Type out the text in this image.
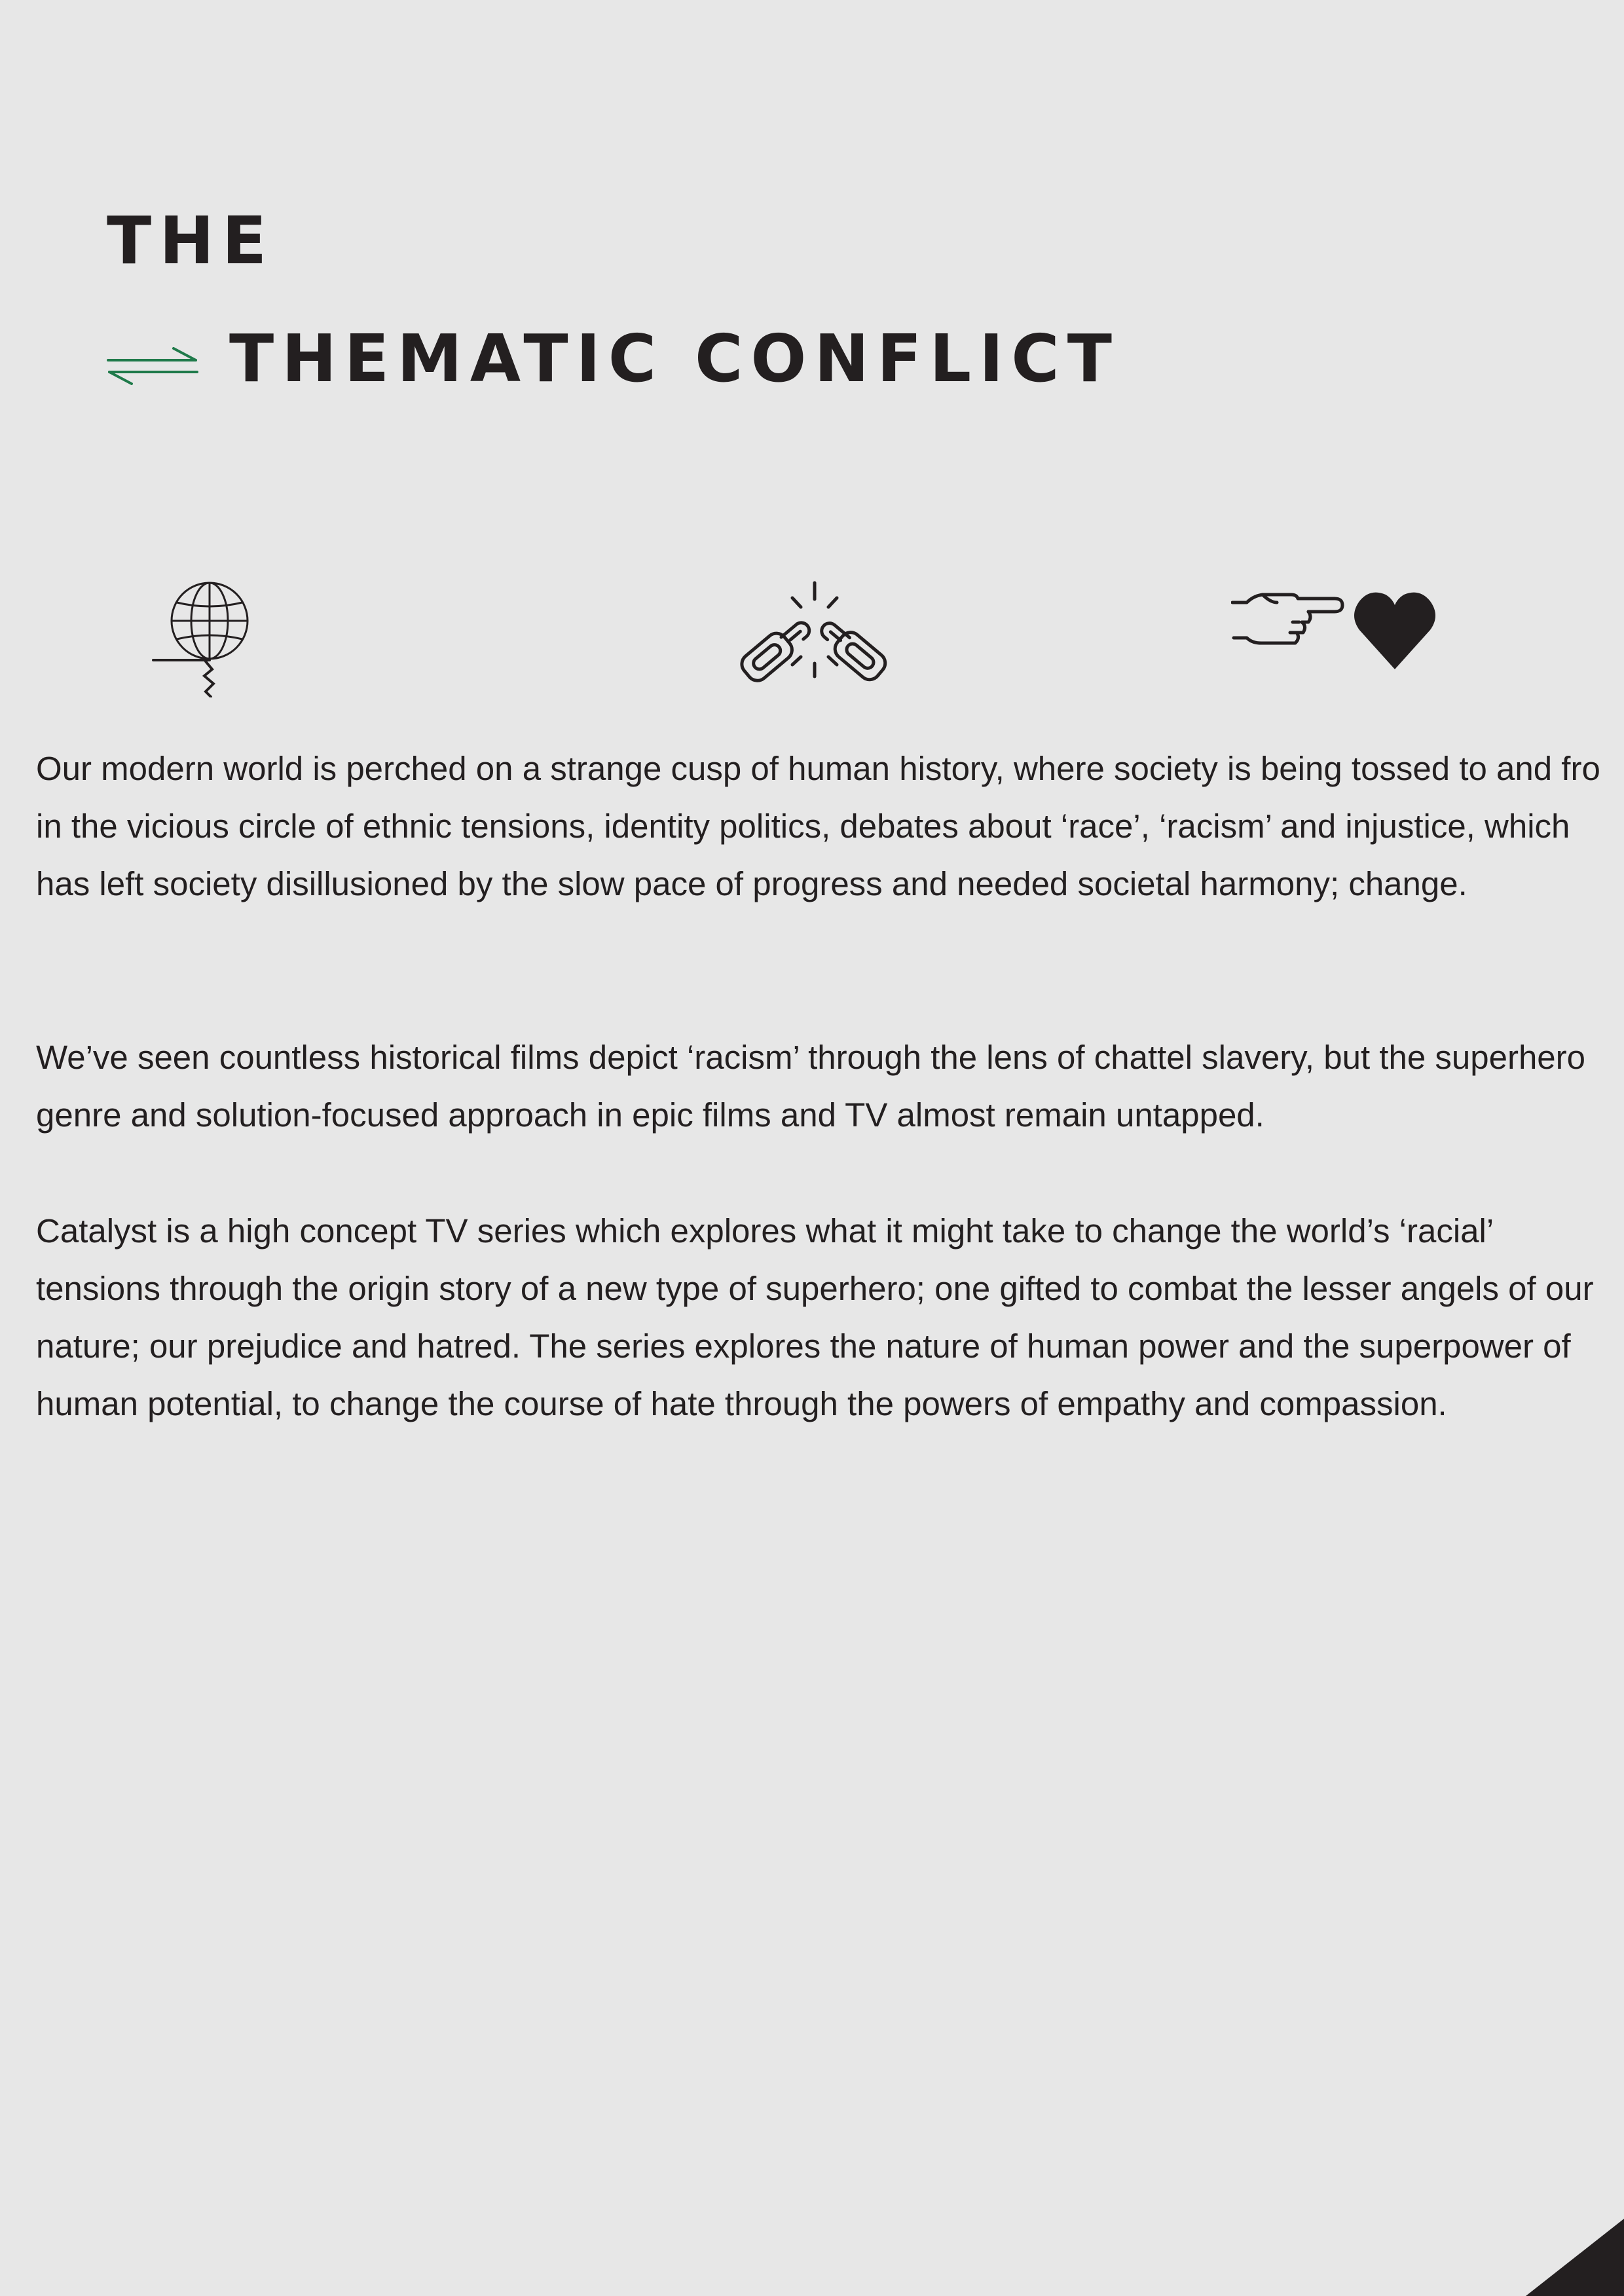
THE
THEMATIC CONFLICT

Our modern world is perched on a strange cusp of human history, where society is being tossed to and fro in the vicious circle of ethnic tensions, identity politics, debates about ‘race’, ‘racism’ and injustice, which has left society disillusioned by the slow pace of progress and needed societal harmony; change.

We’ve seen countless historical films depict ‘racism’ through the lens of chattel slavery, but the superhero genre and solution-focused approach in epic films and TV almost remain untapped.

Catalyst is a high concept TV series which explores what it might take to change the world’s ‘racial’ tensions through the origin story of a new type of superhero; one gifted to combat the lesser angels of our nature; our prejudice and hatred. The series explores the nature of human power and the superpower of human potential, to change the course of hate through the powers of empathy and compassion.
